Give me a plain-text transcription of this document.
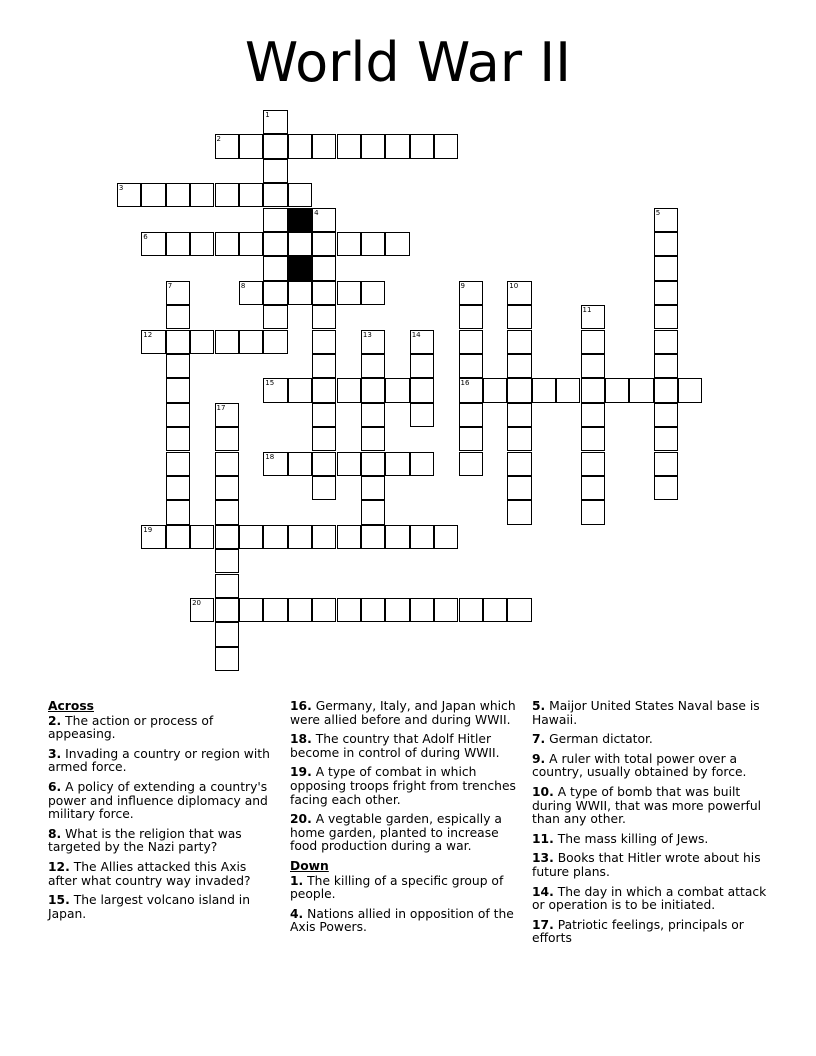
World War II
1
2
3
4	5
6
7	8	9
16
10
11
12	13	14
15
17
18
19
20
Across
2. The action or process of appeasing.
3. Invading a country or region with armed force.
6. A policy of extending a country's power and influence diplomacy and military force.
8. What is the religion that was targeted by the Nazi party?
12. The Allies attacked this Axis after what country way invaded?
15. The largest volcano island in Japan.
16. Germany, Italy, and Japan which were allied before and during WWII.
18. The country that Adolf Hitler become in control of during WWII.
19. A type of combat in which opposing troops fright from trenches facing each other.
20. A vegtable garden, espically a home garden, planted to increase food production during a war.
Down
1. The killing of a specific group of people.
4. Nations allied in opposition of the Axis Powers.
5. Maijor United States Naval base is Hawaii.
7. German dictator.
9. A ruler with total power over a country, usually obtained by force.
10. A type of bomb that was built during WWII, that was more powerful than any other.
11. The mass killing of Jews.
13. Books that Hitler wrote about his future plans.
14. The day in which a combat attack or operation is to be initiated.
17. Patriotic feelings, principals or efforts
